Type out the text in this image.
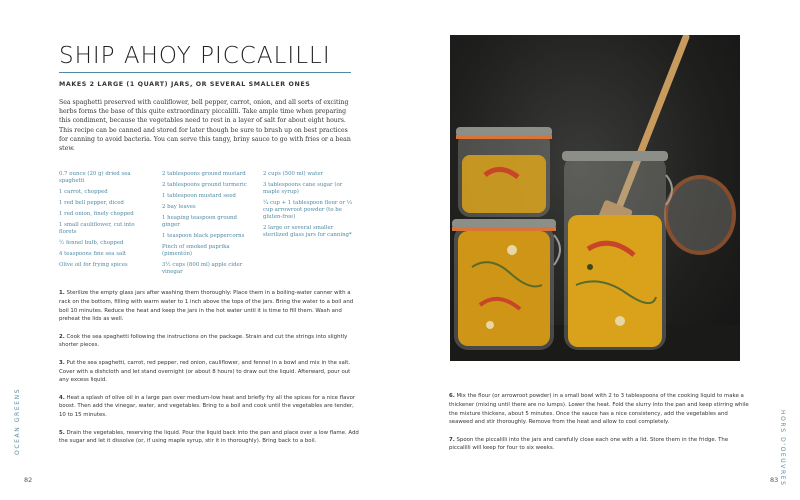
OCEAN GREENS	HORS D'OEUVRES
82	83
SHIP AHOY PICCALILLI
MAKES 2 LARGE (1 QUART) JARS, OR SEVERAL SMALLER ONES

Sea spaghetti preserved with cauliflower, bell pepper, carrot, onion, and all sorts of exciting herbs forms the base of this quite extraordinary piccalilli. Take ample time when preparing this condiment, because the vegetables need to rest in a layer of salt for about eight hours. This recipe can be canned and stored for later though be sure to brush up on best practices for canning to avoid bacteria. You can serve this tangy, briny sauce to go with fries or a bean stew.

0.7 ounce (20 g) dried sea spaghetti
1 carrot, chopped
1 red bell pepper, diced
1 red onion, finely chopped
1 small cauliflower, cut into florets
½ fennel bulb, chopped
4 teaspoons fine sea salt
Olive oil for frying spices
2 tablespoons ground mustard
2 tablespoons ground turmeric
1 tablespoon mustard seed
2 bay leaves
1 heaping teaspoon ground ginger
1 teaspoon black peppercorns
Pinch of smoked paprika (pimentón)
3½ cups (800 ml) apple cider vinegar
2 cups (500 ml) water
3 tablespoons cane sugar (or maple syrup)
¼ cup + 1 tablespoon flour or ⅓ cup arrowroot powder (to be gluten-free)
2 large or several smaller sterilized glass jars for canning*

1. Sterilize the empty glass jars after washing them thoroughly: Place them in a boiling-water canner with a rack on the bottom, filling with warm water to 1 inch above the tops of the jars. Bring the water to a boil and boil 10 minutes. Reduce the heat and keep the jars in the hot water until it is time to fill them. Wash and preheat the lids as well.

2. Cook the sea spaghetti following the instructions on the package. Strain and cut the strings into slightly shorter pieces.

3. Put the sea spaghetti, carrot, red pepper, red onion, cauliflower, and fennel in a bowl and mix in the salt. Cover with a dishcloth and let stand overnight (or about 8 hours) to draw out the liquid. Afterward, pour out any excess liquid.

4. Heat a splash of olive oil in a large pan over medium-low heat and briefly fry all the spices for a nice flavor boost. Then add the vinegar, water, and vegetables. Bring to a boil and cook until the vegetables are tender, 10 to 15 minutes.

5. Drain the vegetables, reserving the liquid. Pour the liquid back into the pan and place over a low flame. Add the sugar and let it dissolve (or, if using maple syrup, stir it in thoroughly). Bring back to a boil.

6. Mix the flour (or arrowroot powder) in a small bowl with 2 to 3 tablespoons of the cooking liquid to make a thickener (mixing until there are no lumps). Lower the heat. Fold the slurry into the pan and keep stirring while the mixture thickens, about 5 minutes. Once the sauce has a nice consistency, add the vegetables and seaweed and stir thoroughly. Remove from the heat and allow to cool completely.

7. Spoon the piccalilli into the jars and carefully close each one with a lid. Store them in the fridge. The piccalilli will keep for four to six weeks.
